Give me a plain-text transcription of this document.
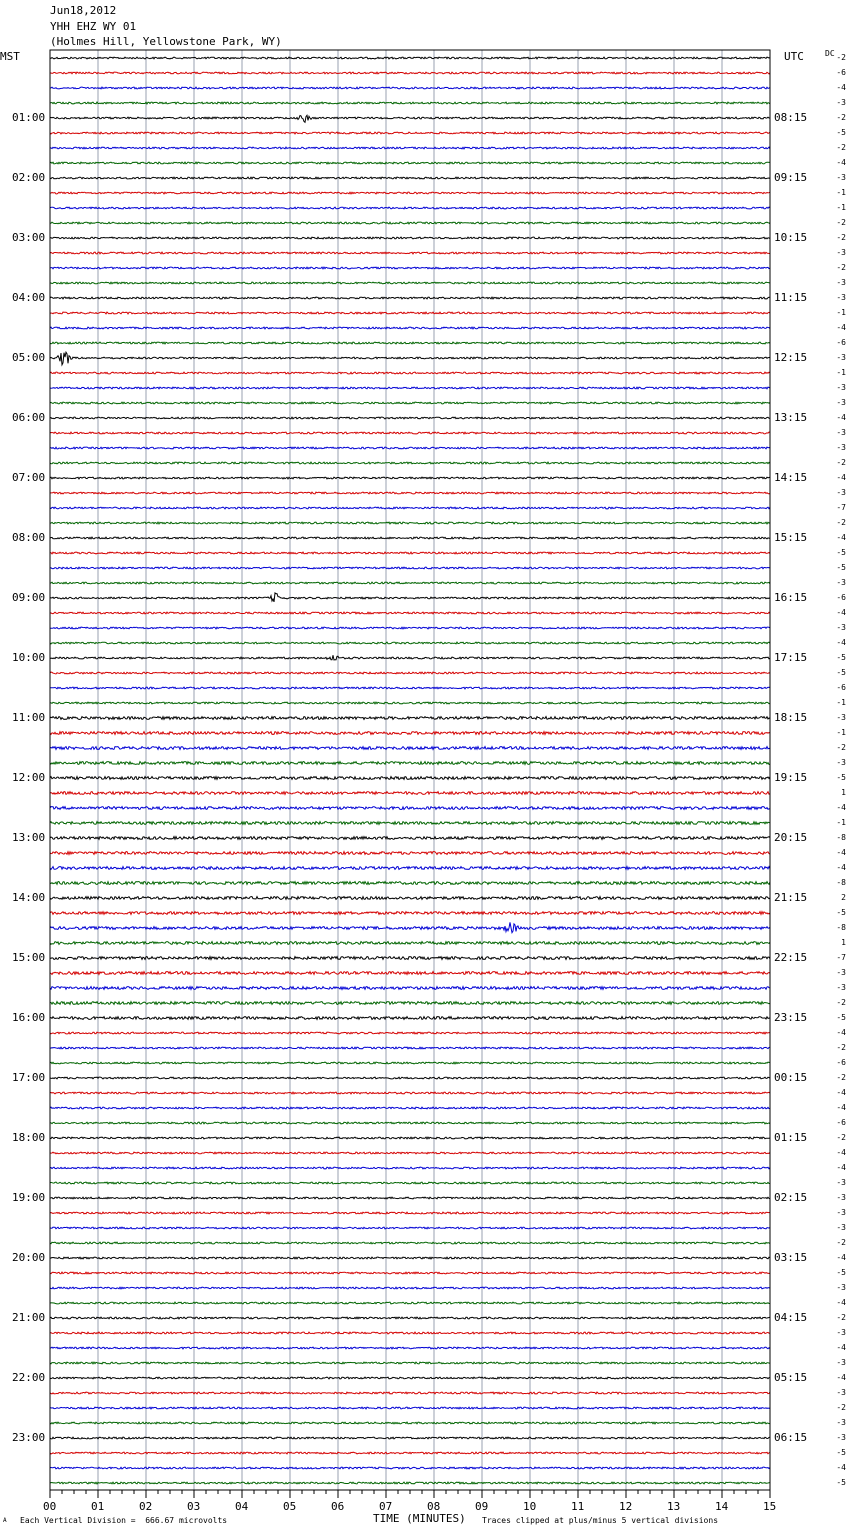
Jun18,2012
YHH EHZ WY 01
(Holmes Hill, Yellowstone Park, WY)
MST	UTC	DC
01:00
02:00
03:00
04:00
05:00
06:00
07:00
08:00
09:00
10:00
11:00
12:00
13:00
14:00
15:00
16:00
17:00
18:00
19:00
20:00
21:00
22:00
23:00
08:15
09:15
10:15
11:15
12:15
13:15
14:15
15:15
16:15
17:15
18:15
19:15
20:15
21:15
22:15
23:15
00:15
01:15
02:15
03:15
04:15
05:15
06:15
-2
-6
-4
-3
-2
-5
-2
-4
-3
-1
-1
-2
-2
-3
-2
-3
-3
-1
-4
-6
-3
-1
-3
-3
-4
-3
-3
-2
-4
-3
-7
-2
-4
-5
-5
-3
-6
-4
-3
-4
-5
-5
-6
-1
-3
-1
-2
-3
-5
1
-4
-1
-8
-4
-4
-8
2
-5
-8
1
-7
-3
-3
-2
-5
-4
-2
-6
-2
-4
-4
-6
-2
-4
-4
-3
-3
-3
-3
-2
-4
-5
-3
-4
-2
-3
-4
-3
-4
-3
-2
-3
-3
-5
-4
-5
00	01	02	03	04	05	06	07	08	09	10	11	12	13	14	15
A Each Vertical Division =  666.67 microvolts	TIME (MINUTES) Traces clipped at plus/minus 5 vertical divisions
